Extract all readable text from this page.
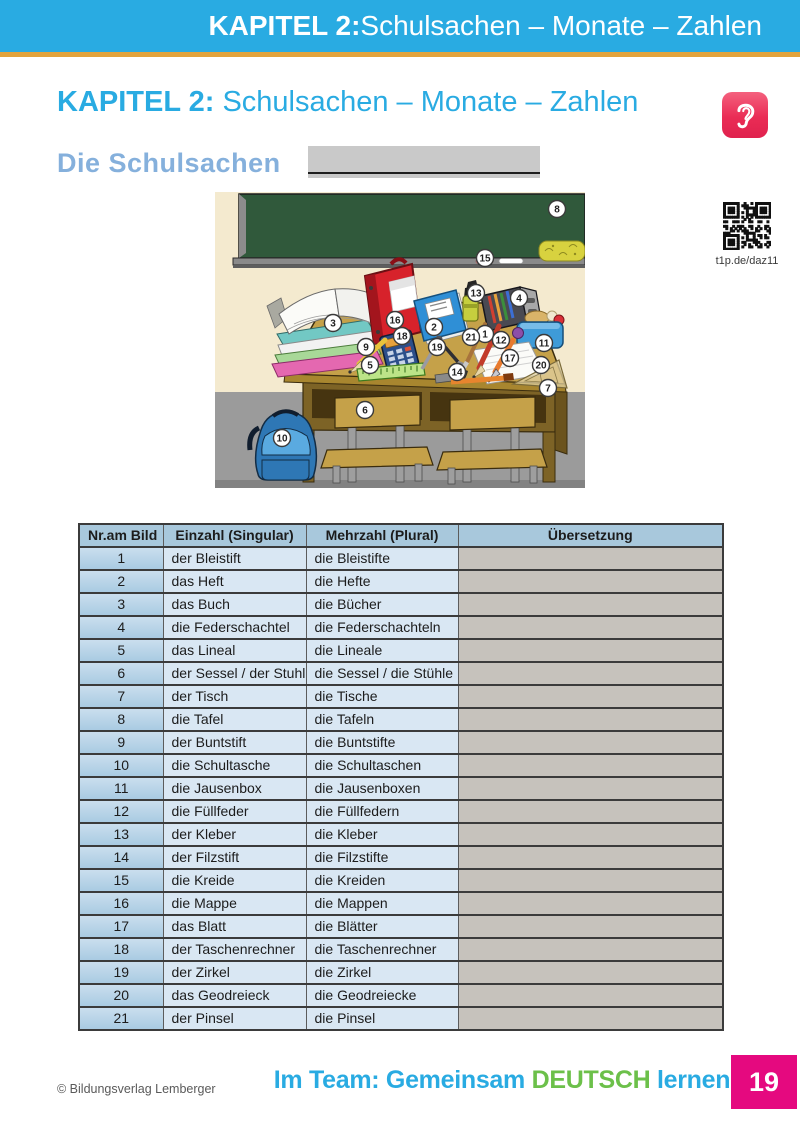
KAPITEL 2: Schulsachen – Monate – Zahlen
KAPITEL 2: Schulsachen – Monate – Zahlen
t1p.de/daz11
Die Schulsachen
1
2
3
4
5
6
7
8
9
10
11
12
13
14
15
16
17
18
19
20
21
Nr.am Bild	Einzahl (Singular)	Mehrzahl (Plural)	Übersetzung
1	der Bleistift	die Bleistifte	
2	das Heft	die Hefte	
3	das Buch	die Bücher	
4	die Federschachtel	die Federschachteln	
5	das Lineal	die Lineale	
6	der Sessel / der Stuhl	die Sessel / die Stühle	
7	der Tisch	die Tische	
8	die Tafel	die Tafeln	
9	der Buntstift	die Buntstifte	
10	die Schultasche	die Schultaschen	
11	die Jausenbox	die Jausenboxen	
12	die Füllfeder	die Füllfedern	
13	der Kleber	die Kleber	
14	der Filzstift	die Filzstifte	
15	die Kreide	die Kreiden	
16	die Mappe	die Mappen	
17	das Blatt	die Blätter	
18	der Taschenrechner	die Taschenrechner	
19	der Zirkel	die Zirkel	
20	das Geodreieck	die Geodreiecke	
21	der Pinsel	die Pinsel	
© Bildungsverlag Lemberger Im Team: Gemeinsam DEUTSCH lernen 19
